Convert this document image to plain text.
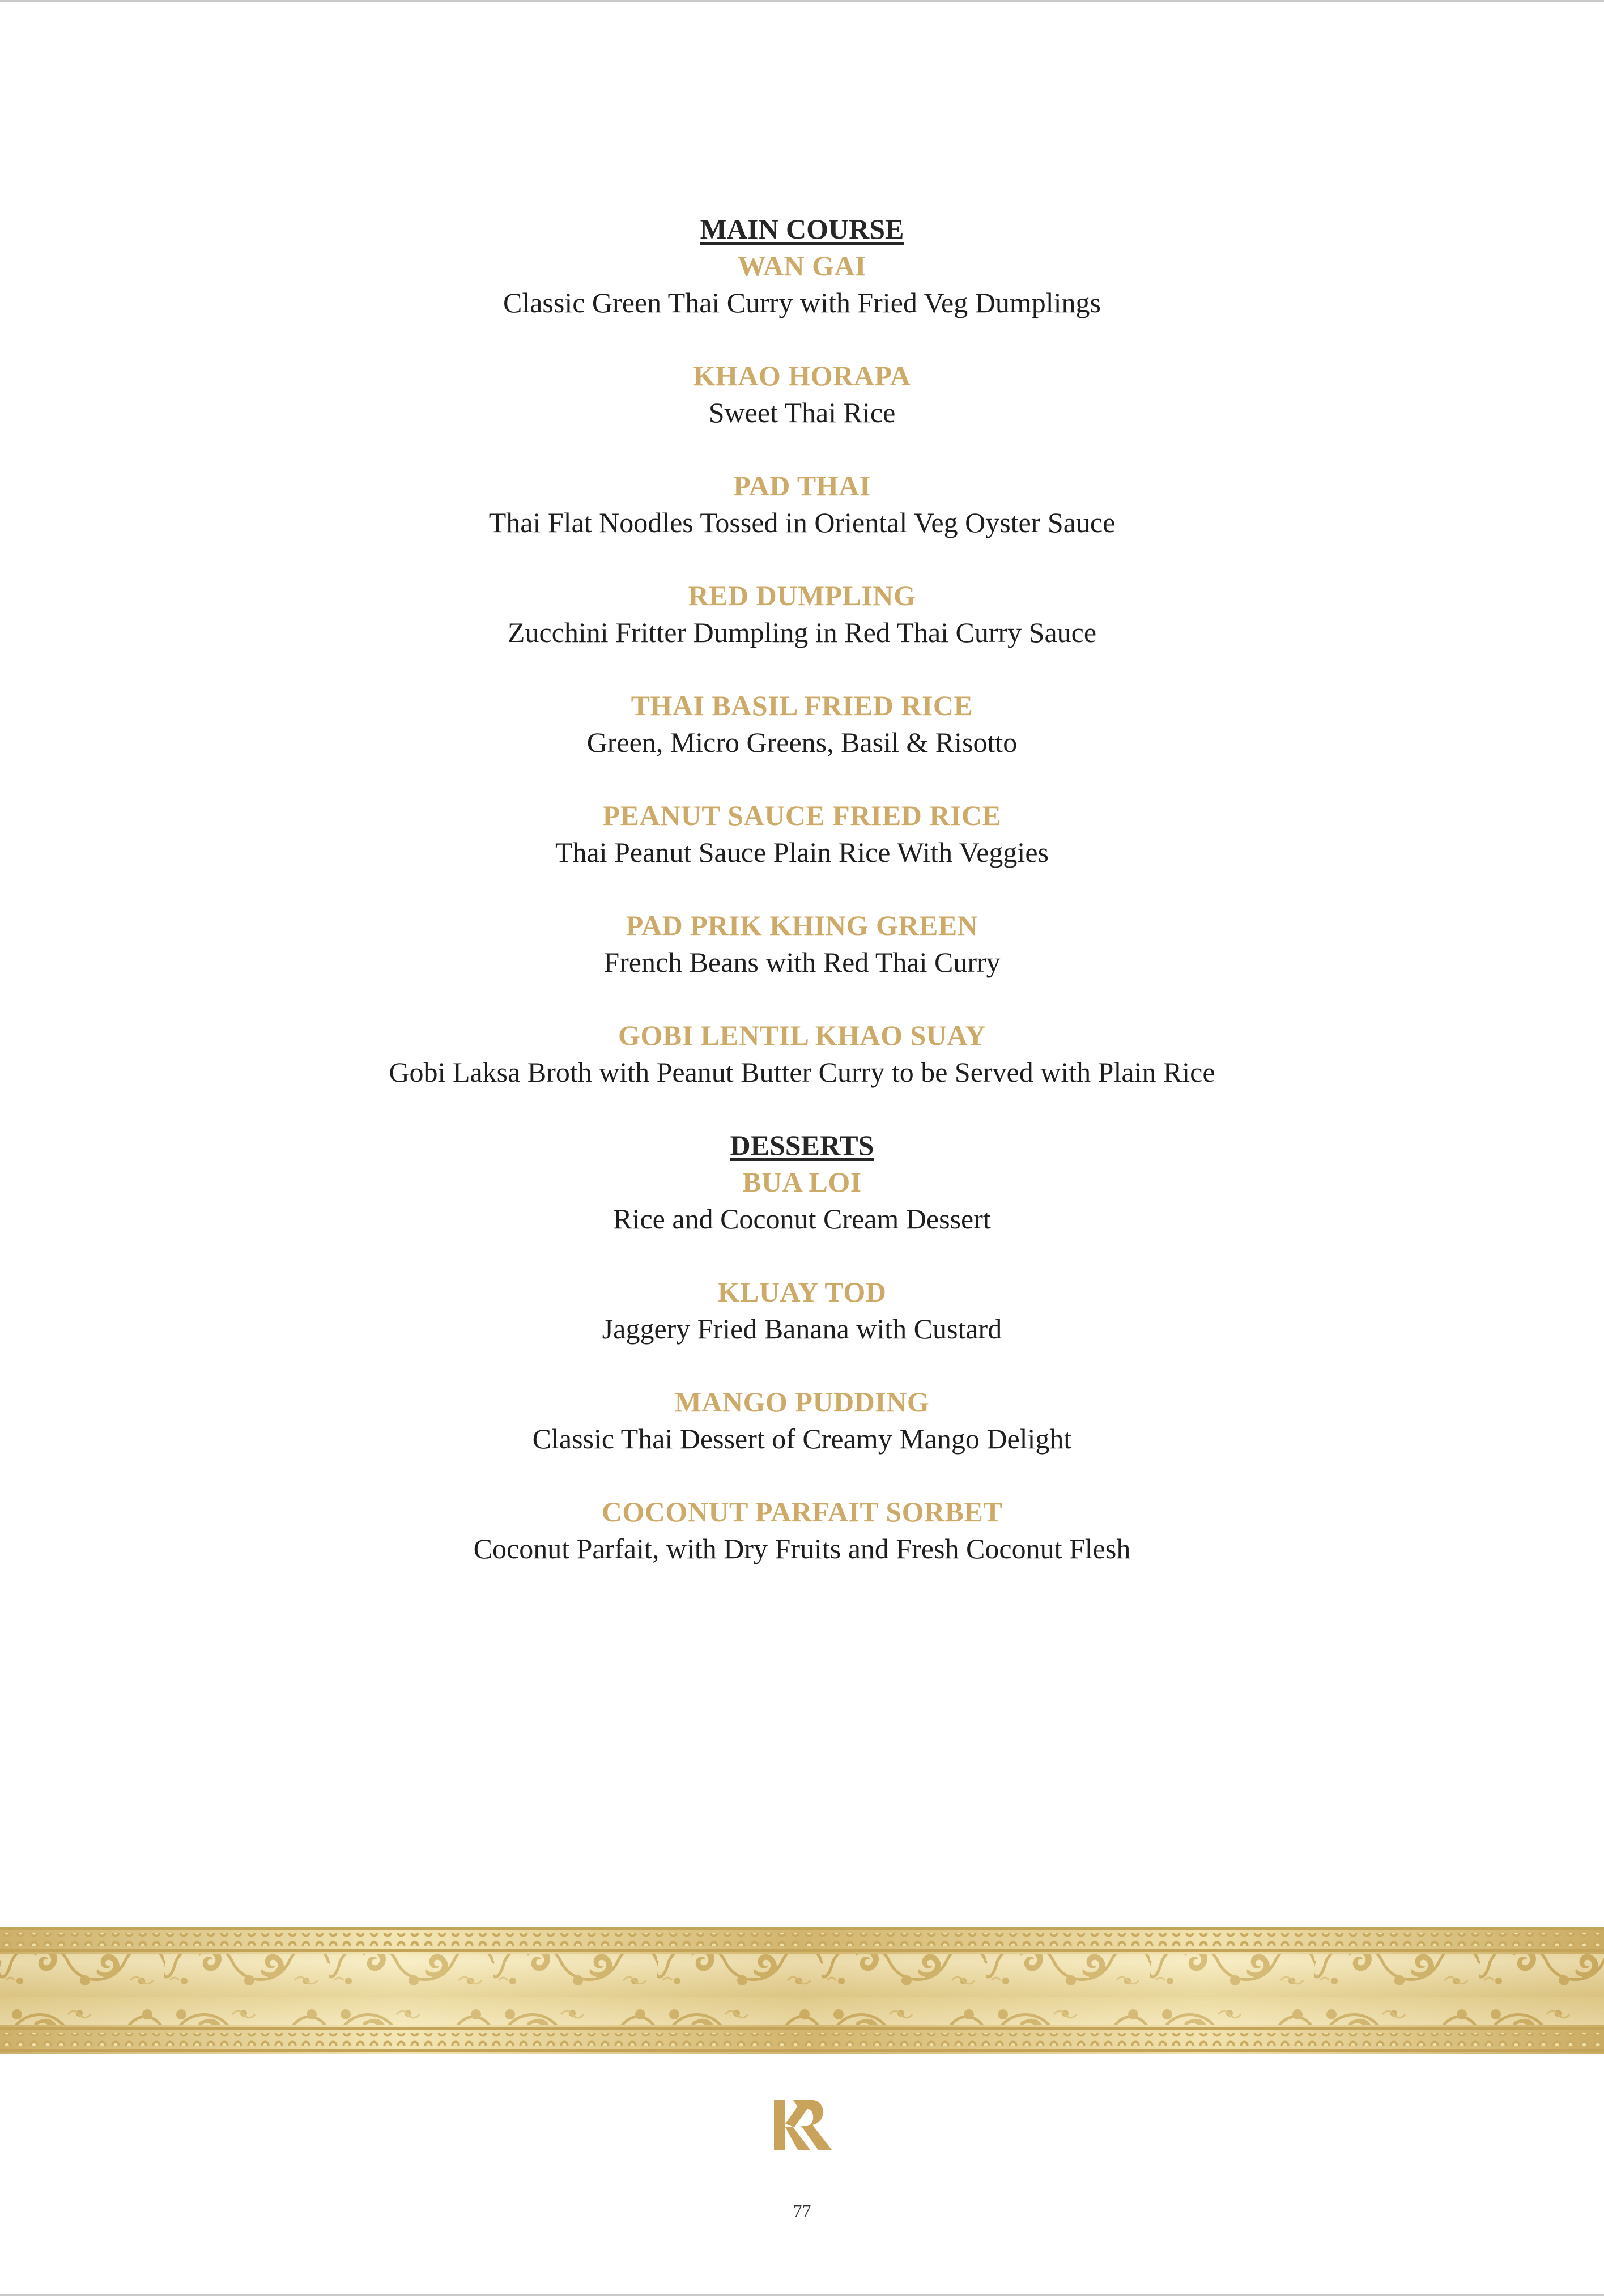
MAIN COURSE
WAN GAI
Classic Green Thai Curry with Fried Veg Dumplings
KHAO HORAPA
Sweet Thai Rice
PAD THAI
Thai Flat Noodles Tossed in Oriental Veg Oyster Sauce
RED DUMPLING
Zucchini Fritter Dumpling in Red Thai Curry Sauce
THAI BASIL FRIED RICE
Green, Micro Greens, Basil & Risotto
PEANUT SAUCE FRIED RICE
Thai Peanut Sauce Plain Rice With Veggies
PAD PRIK KHING GREEN
French Beans with Red Thai Curry
GOBI LENTIL KHAO SUAY
Gobi Laksa Broth with Peanut Butter Curry to be Served with Plain Rice
DESSERTS
BUA LOI
Rice and Coconut Cream Dessert
KLUAY TOD
Jaggery Fried Banana with Custard
MANGO PUDDING
Classic Thai Dessert of Creamy Mango Delight
COCONUT PARFAIT SORBET
Coconut Parfait, with Dry Fruits and Fresh Coconut Flesh
77
